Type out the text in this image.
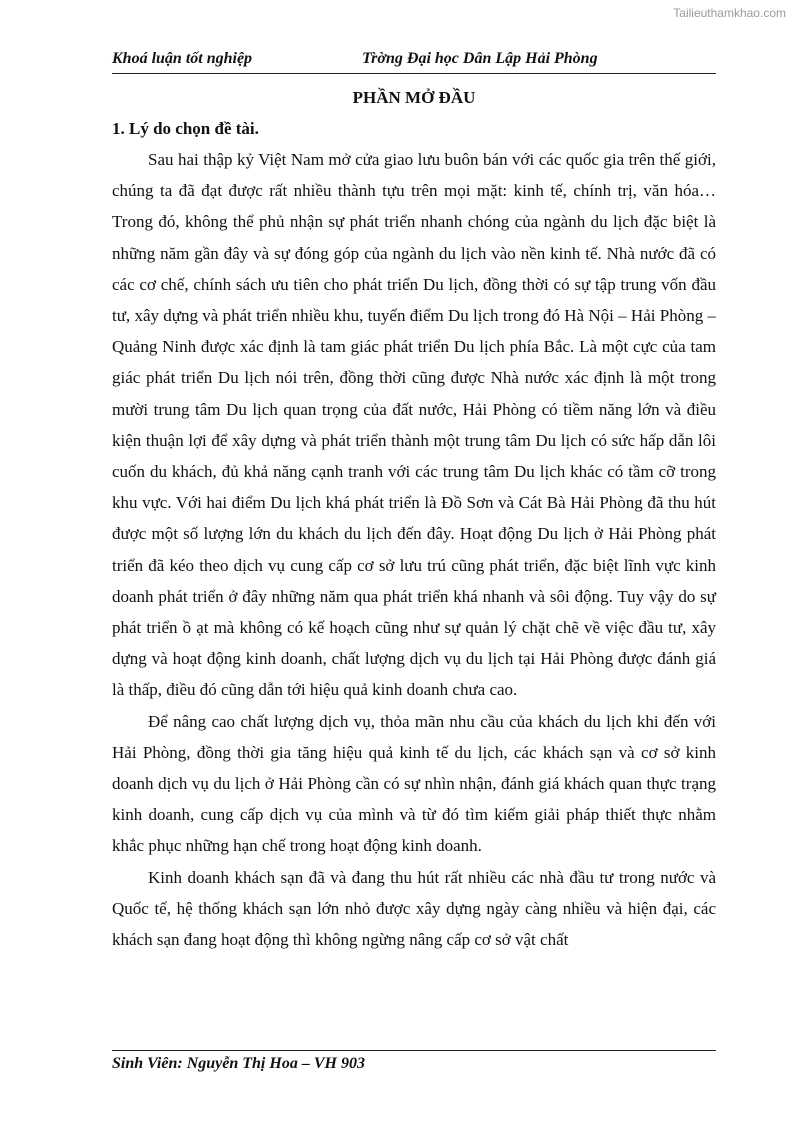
Tailieuthamkhao.com
Khoá luận tốt nghiệp	Tr̀ờng Đại học Dân Lập Hải Phòng
PHẦN MỞ ĐẦU
1. Lý do chọn đề tài.

Sau hai thập kỷ Việt Nam mở cửa giao lưu buôn bán với các quốc gia trên thế giới, chúng ta đã đạt được rất nhiều thành tựu trên mọi mặt: kinh tế, chính trị, văn hóa… Trong đó, không thể phủ nhận sự phát triển nhanh chóng của ngành du lịch đặc biệt là những năm gần đây và sự đóng góp của ngành du lịch vào nền kinh tế. Nhà nước đã có các cơ chế, chính sách ưu tiên cho phát triển Du lịch, đồng thời có sự tập trung vốn đầu tư, xây dựng và phát triển nhiều khu, tuyến điểm Du lịch trong đó Hà Nội – Hải Phòng – Quảng Ninh được xác định là tam giác phát triển Du lịch phía Bắc. Là một cực của tam giác phát triển Du lịch nói trên, đồng thời cũng được Nhà nước xác định là một trong mười trung tâm Du lịch quan trọng của đất nước, Hải Phòng có tiềm năng lớn và điều kiện thuận lợi để xây dựng và phát triển thành một trung tâm Du lịch có sức hấp dẫn lôi cuốn du khách, đủ khả năng cạnh tranh với các trung tâm Du lịch khác có tầm cỡ trong khu vực. Với hai điểm Du lịch khá phát triển là Đồ Sơn và Cát Bà Hải Phòng đã thu hút được một số lượng lớn du khách du lịch đến đây. Hoạt động Du lịch ở Hải Phòng phát triển đã kéo theo dịch vụ cung cấp cơ sở lưu trú cũng phát triển, đặc biệt lĩnh vực kinh doanh phát triển ở đây những năm qua phát triển khá nhanh và sôi động. Tuy vậy do sự phát triển ồ ạt mà không có kế hoạch cũng như sự quản lý chặt chẽ về việc đầu tư, xây dựng và hoạt động kinh doanh, chất lượng dịch vụ du lịch tại Hải Phòng được đánh giá là thấp, điều đó cũng dẫn tới hiệu quả kinh doanh chưa cao.

Để nâng cao chất lượng dịch vụ, thỏa mãn nhu cầu của khách du lịch khi đến với Hải Phòng, đồng thời gia tăng hiệu quả kinh tế du lịch, các khách sạn và cơ sở kinh doanh dịch vụ du lịch ở Hải Phòng cần có sự nhìn nhận, đánh giá khách quan thực trạng kinh doanh, cung cấp dịch vụ của mình và từ đó tìm kiếm giải pháp thiết thực nhằm khắc phục những hạn chế trong hoạt động kinh doanh.

Kinh doanh khách sạn đã và đang thu hút rất nhiều các nhà đầu tư trong nước và Quốc tế, hệ thống khách sạn lớn nhỏ được xây dựng ngày càng nhiều và hiện đại, các khách sạn đang hoạt động thì không ngừng nâng cấp cơ sở vật chất

Sinh Viên: Nguyễn Thị Hoa – VH 903
